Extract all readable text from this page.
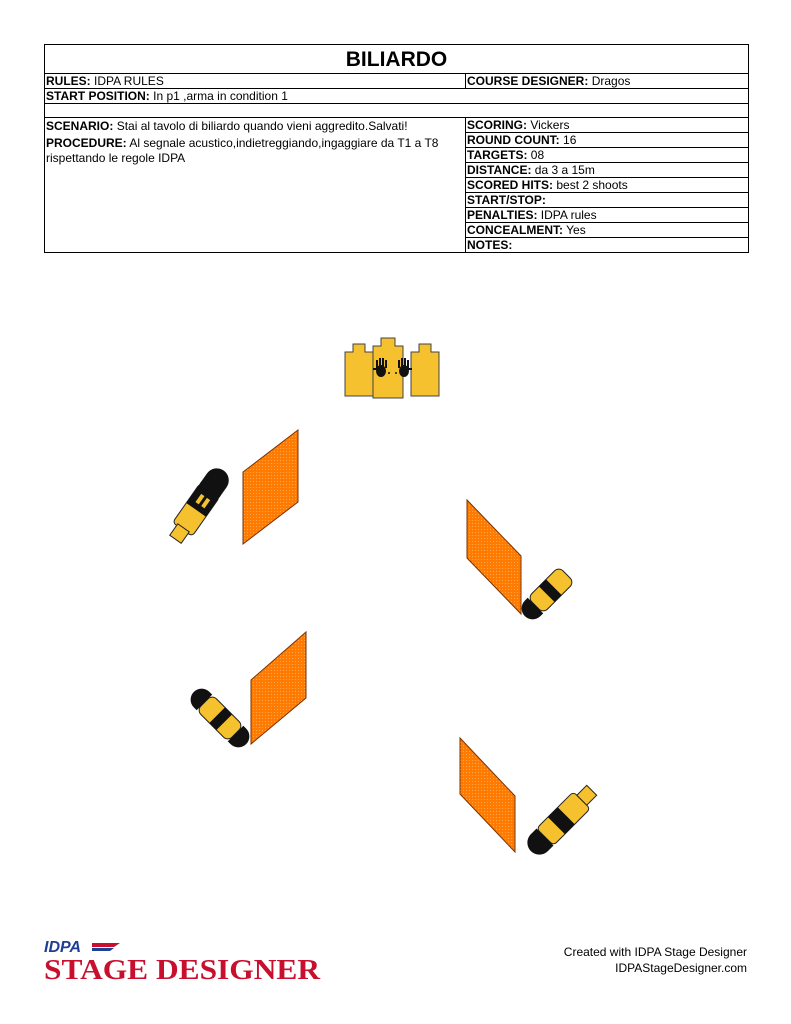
BILIARDO
RULES: IDPA RULES	COURSE DESIGNER: Dragos
START POSITION: In p1 ,arma in condition 1
SCENARIO: Stai al tavolo di biliardo quando vieni aggredito.Salvati!
PROCEDURE: Al segnale acustico,indietreggiando,ingaggiare da T1 a T8 rispettando le regole IDPA
SCORING: Vickers
ROUND COUNT: 16
TARGETS: 08
DISTANCE: da 3 a 15m
SCORED HITS: best 2 shoots
START/STOP:
PENALTIES: IDPA rules
CONCEALMENT: Yes
NOTES:
IDPA
STAGE DESIGNER
Created with IDPA Stage Designer
IDPAStageDesigner.com
